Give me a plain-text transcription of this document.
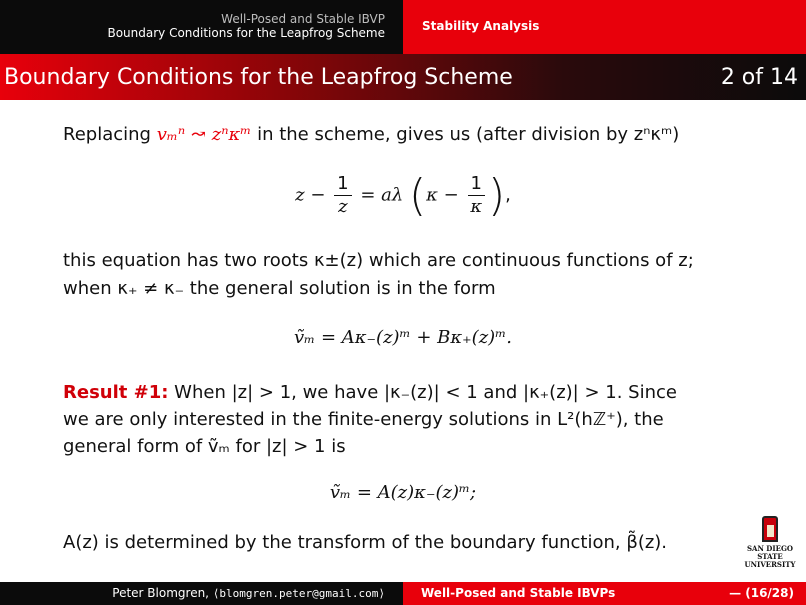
Well-Posed and Stable IBVP
Boundary Conditions for the Leapfrog Scheme	Stability Analysis
Boundary Conditions for the Leapfrog Scheme	2 of 14
Replacing vₘⁿ ↝ zⁿκᵐ in the scheme, gives us (after division by zⁿκᵐ)
$z - \frac{1}{z} = a\lambda$ ($\kappa - \frac{1}{\kappa}$ ),
this equation has two roots κ±(z) which are continuous functions of z;
when κ₊ ≠ κ₋ the general solution is in the form
ṽₘ = Aκ₋(z)ᵐ + Bκ₊(z)ᵐ.
Result #1: When |z| > 1, we have |κ₋(z)| < 1 and |κ₊(z)| > 1. Since
we are only interested in the finite-energy solutions in L²(hℤ⁺), the
general form of ṽₘ for |z| > 1 is
ṽₘ = A(z)κ₋(z)ᵐ;
A(z) is determined by the transform of the boundary function, β̃(z).	SAN DIEGO STATE
UNIVERSITY
Peter Blomgren, ⟨blomgren.peter@gmail.com⟩	Well-Posed and Stable IBVPs	— (16/28)
